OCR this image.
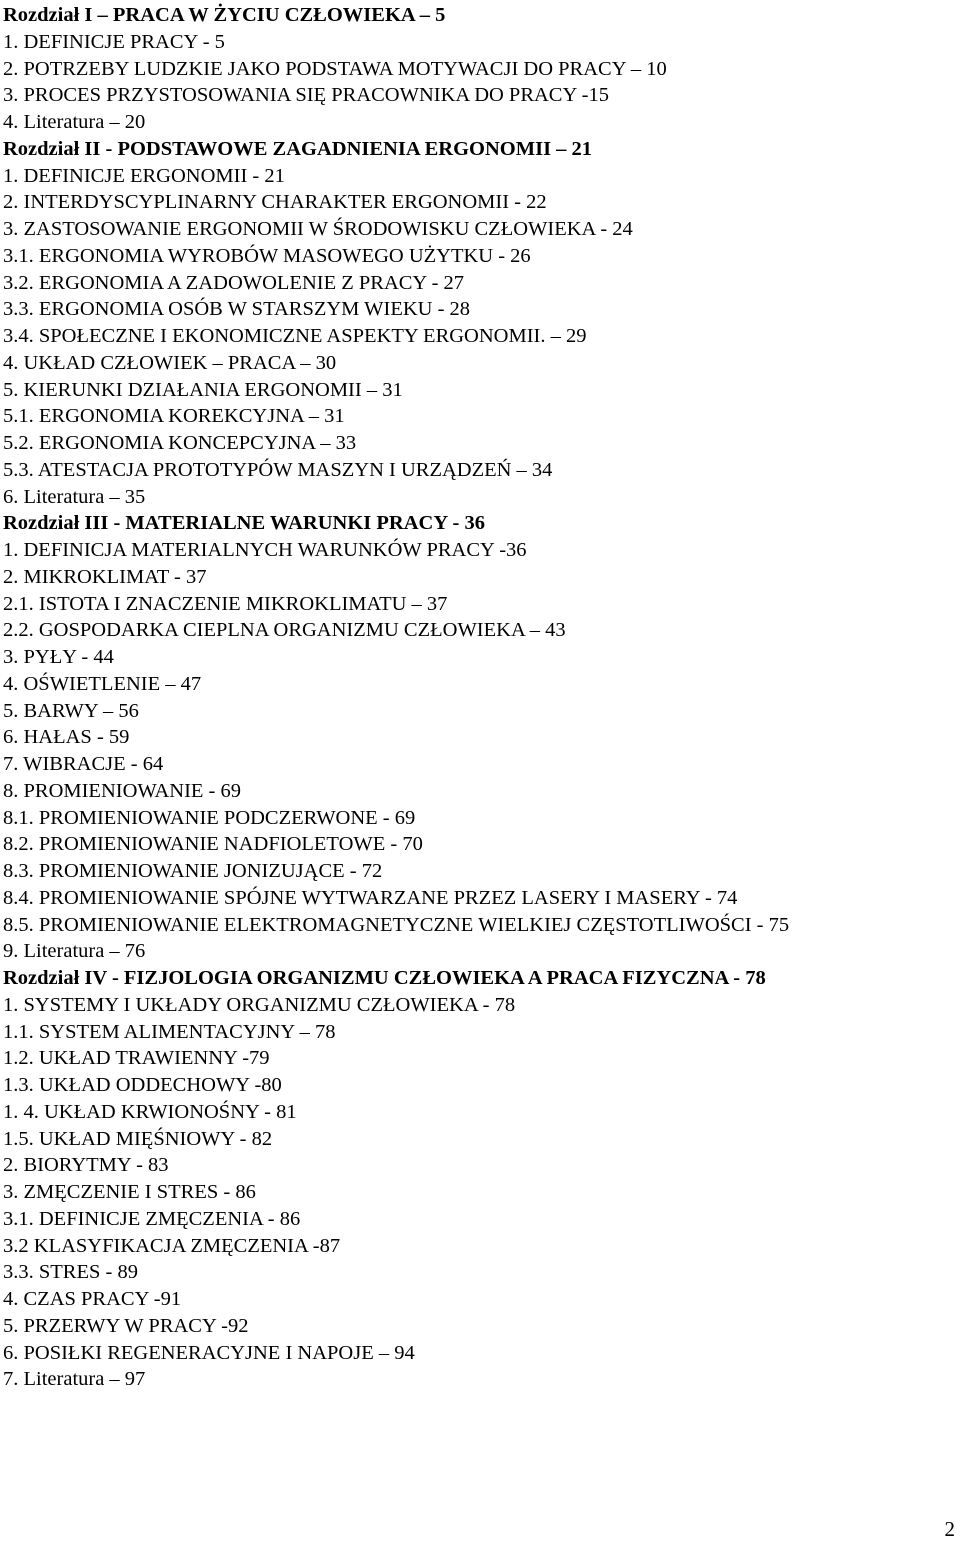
Rozdział I – PRACA W ŻYCIU CZŁOWIEKA – 5
1. DEFINICJE PRACY - 5
2. POTRZEBY LUDZKIE JAKO PODSTAWA MOTYWACJI DO PRACY – 10
3. PROCES PRZYSTOSOWANIA SIĘ PRACOWNIKA DO PRACY -15
4. Literatura – 20
Rozdział II - PODSTAWOWE ZAGADNIENIA ERGONOMII – 21
1. DEFINICJE ERGONOMII - 21
2. INTERDYSCYPLINARNY CHARAKTER ERGONOMII - 22
3. ZASTOSOWANIE ERGONOMII W ŚRODOWISKU CZŁOWIEKA - 24
3.1. ERGONOMIA WYROBÓW MASOWEGO UŻYTKU - 26
3.2. ERGONOMIA A ZADOWOLENIE Z PRACY - 27
3.3. ERGONOMIA OSÓB W STARSZYM WIEKU - 28
3.4. SPOŁECZNE I EKONOMICZNE ASPEKTY ERGONOMII. – 29
4. UKŁAD CZŁOWIEK – PRACA – 30
5. KIERUNKI DZIAŁANIA ERGONOMII – 31
5.1. ERGONOMIA KOREKCYJNA – 31
5.2. ERGONOMIA KONCEPCYJNA – 33
5.3. ATESTACJA PROTOTYPÓW MASZYN I URZĄDZEŃ – 34
6. Literatura – 35
Rozdział III - MATERIALNE WARUNKI PRACY - 36
1. DEFINICJA MATERIALNYCH WARUNKÓW PRACY -36
2. MIKROKLIMAT - 37
2.1. ISTOTA I ZNACZENIE MIKROKLIMATU – 37
2.2. GOSPODARKA CIEPLNA ORGANIZMU CZŁOWIEKA – 43
3. PYŁY - 44
4. OŚWIETLENIE – 47
5. BARWY – 56
6. HAŁAS - 59
7. WIBRACJE - 64
8. PROMIENIOWANIE - 69
8.1. PROMIENIOWANIE PODCZERWONE - 69
8.2. PROMIENIOWANIE NADFIOLETOWE - 70
8.3. PROMIENIOWANIE JONIZUJĄCE - 72
8.4. PROMIENIOWANIE SPÓJNE WYTWARZANE PRZEZ LASERY I MASERY - 74
8.5. PROMIENIOWANIE ELEKTROMAGNETYCZNE WIELKIEJ CZĘSTOTLIWOŚCI - 75
9. Literatura – 76
Rozdział IV - FIZJOLOGIA ORGANIZMU CZŁOWIEKA A PRACA FIZYCZNA - 78
1. SYSTEMY I UKŁADY ORGANIZMU CZŁOWIEKA - 78
1.1. SYSTEM ALIMENTACYJNY – 78
1.2. UKŁAD TRAWIENNY -79
1.3. UKŁAD ODDECHOWY -80
1. 4. UKŁAD KRWIONOŚNY - 81
1.5. UKŁAD MIĘŚNIOWY - 82
2. BIORYTMY - 83
3. ZMĘCZENIE I STRES - 86
3.1. DEFINICJE ZMĘCZENIA - 86
3.2 KLASYFIKACJA ZMĘCZENIA -87
3.3. STRES - 89
4. CZAS PRACY -91
5. PRZERWY W PRACY -92
6. POSIŁKI REGENERACYJNE I NAPOJE – 94
7. Literatura – 97
2
